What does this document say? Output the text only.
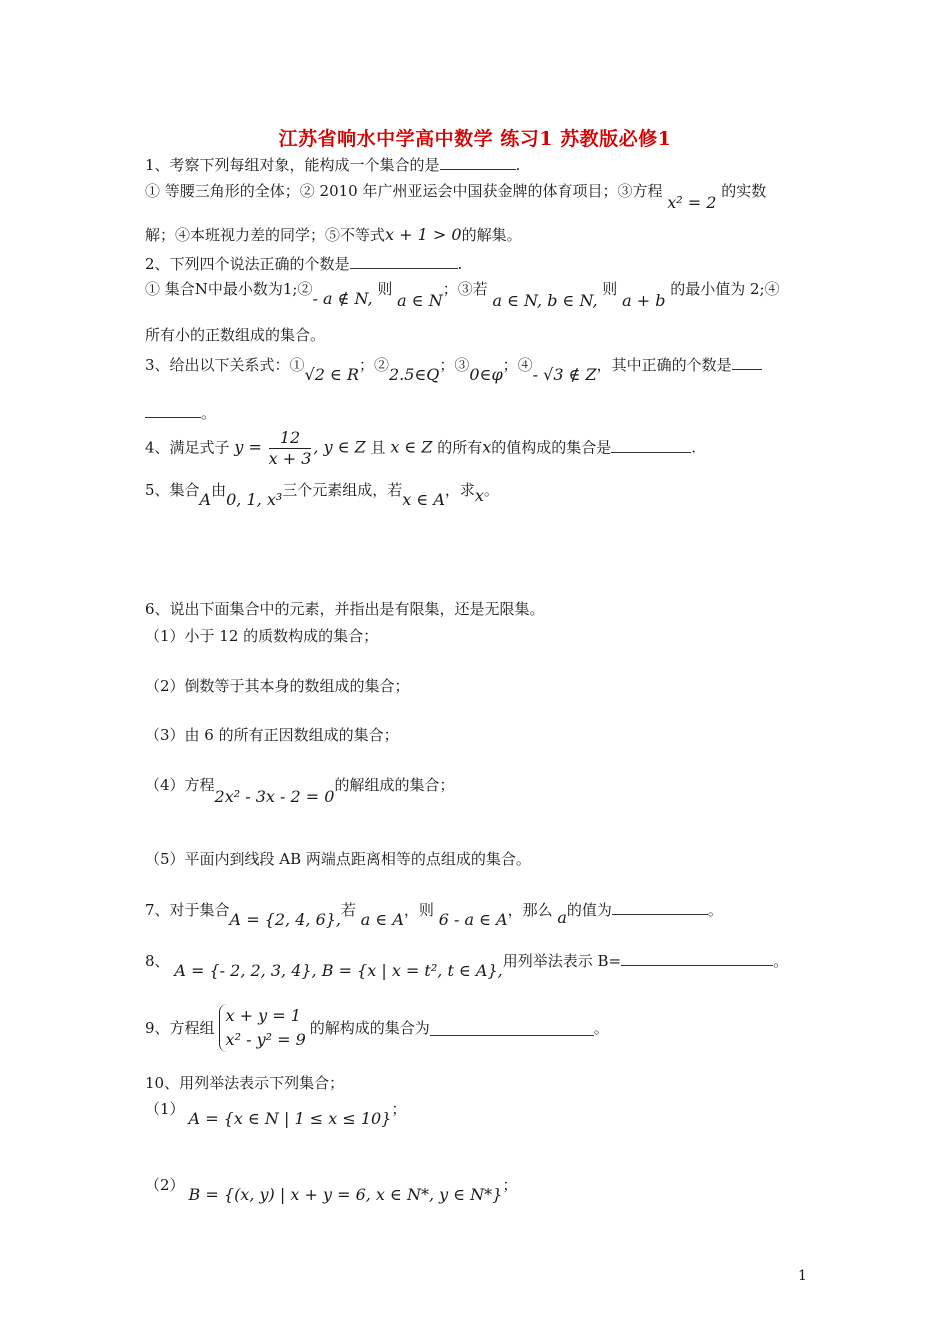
江苏省响水中学高中数学 练习1 苏教版必修1
1、考察下列每组对象，能构成一个集合的是	.
① 等腰三角形的全体；② 2010 年广州亚运会中国获金牌的体育项目；③方程 x² = 2 的实数
解；④本班视力差的同学；⑤不等式x + 1 > 0的解集。
2、下列四个说法正确的个数是	.
① 集合N中最小数为1;②- a ∉ N, 则 a ∈ N；③若 a ∈ N, b ∈ N, 则 a + b 的最小值为 2;④
所有小的正数组成的集合。
3、给出以下关系式：①√2 ∈ R；②2.5∈Q；③0∈φ；④- √3 ∉ Z，其中正确的个数是
。
4、满足式子 $y = \frac{12}{x + 3}$ , y ∈ Z 且 x ∈ Z 的所有x的值构成的集合是	.
5、集合A由0, 1, x³三个元素组成，若x ∈ A，求x。
6、说出下面集合中的元素，并指出是有限集，还是无限集。
（1）小于 12 的质数构成的集合；
（2）倒数等于其本身的数组成的集合；
（3）由 6 的所有正因数组成的集合；
（4）方程2x² - 3x - 2 = 0的解组成的集合；
（5）平面内到线段 AB 两端点距离相等的点组成的集合。
7、对于集合A = {2, 4, 6},若 a ∈ A，则 6 - a ∈ A，那么 a的值为	。
8、 A = {- 2, 2, 3, 4}, B = {x | x = t², t ∈ A},用列举法表示 B=	。
9、方程组
x + y = 1
x² - y² = 9
的解构成的集合为	。
10、用列举法表示下列集合；
（1） A = {x ∈ N | 1 ≤ x ≤ 10}；
（2） B = {(x, y) | x + y = 6, x ∈ N*, y ∈ N*}；
1
